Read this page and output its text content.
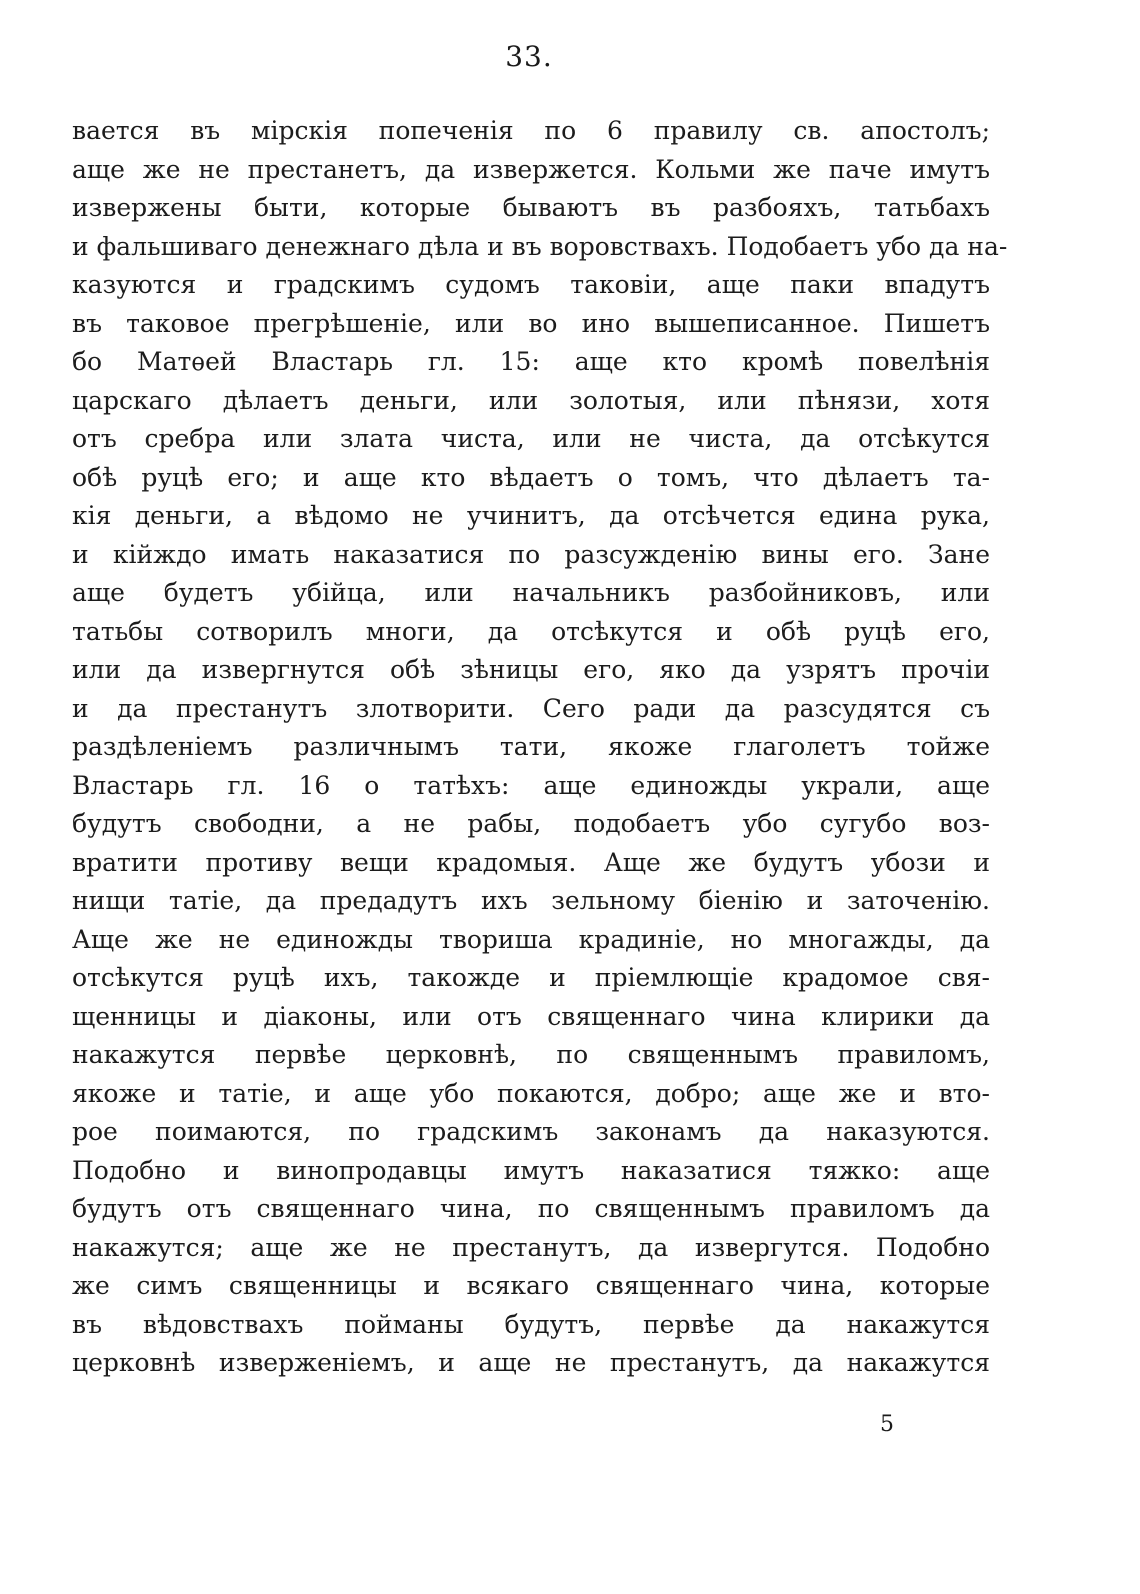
33.
вается въ мірскія попеченія по 6 правилу св. апостолъ;
аще же не престанетъ, да извержется. Кольми же паче имутъ
извержены быти, которые бываютъ въ разбояхъ, татьбахъ
и фальшиваго денежнаго дѣла и въ воровствахъ. Подобаетъ убо да на-
казуются и градскимъ судомъ таковіи, аще паки впадутъ
въ таковое прегрѣшеніе, или во ино вышеписанное. Пишетъ
бо Матѳей Властарь гл. 15: аще кто кромѣ повелѣнія
царскаго дѣлаетъ деньги, или золотыя, или пѣнязи, хотя
отъ сребра или злата чиста, или не чиста, да отсѣкутся
обѣ руцѣ его; и аще кто вѣдаетъ о томъ, что дѣлаетъ та-
кія деньги, а вѣдомо не учинитъ, да отсѣчется едина рука,
и кійждо имать наказатися по разсужденію вины его. Зане
аще будетъ убійца, или начальникъ разбойниковъ, или
татьбы сотворилъ многи, да отсѣкутся и обѣ руцѣ его,
или да извергнутся обѣ зѣницы его, яко да узрятъ прочіи
и да престанутъ злотворити. Сего ради да разсудятся съ
раздѣленіемъ различнымъ тати, якоже глаголетъ тойже
Властарь гл. 16 о татѣхъ: аще единожды украли, аще
будутъ свободни, а не рабы, подобаетъ убо сугубо воз-
вратити противу вещи крадомыя. Аще же будутъ убози и
нищи татіе, да предадутъ ихъ зельному біенію и заточенію.
Аще же не единожды твориша крадиніе, но многажды, да
отсѣкутся руцѣ ихъ, такожде и пріемлющіе крадомое свя-
щенницы и діаконы, или отъ священнаго чина клирики да
накажутся первѣе церковнѣ, по священнымъ правиломъ,
якоже и татіе, и аще убо покаются, добро; аще же и вто-
рое поимаются, по градскимъ законамъ да наказуются.
Подобно и винопродавцы имутъ наказатися тяжко: аще
будутъ отъ священнаго чина, по священнымъ правиломъ да
накажутся; аще же не престанутъ, да извергутся. Подобно
же симъ священницы и всякаго священнаго чина, которые
въ вѣдовствахъ пойманы будутъ, первѣе да накажутся
церковнѣ изверженіемъ, и аще не престанутъ, да накажутся
5
